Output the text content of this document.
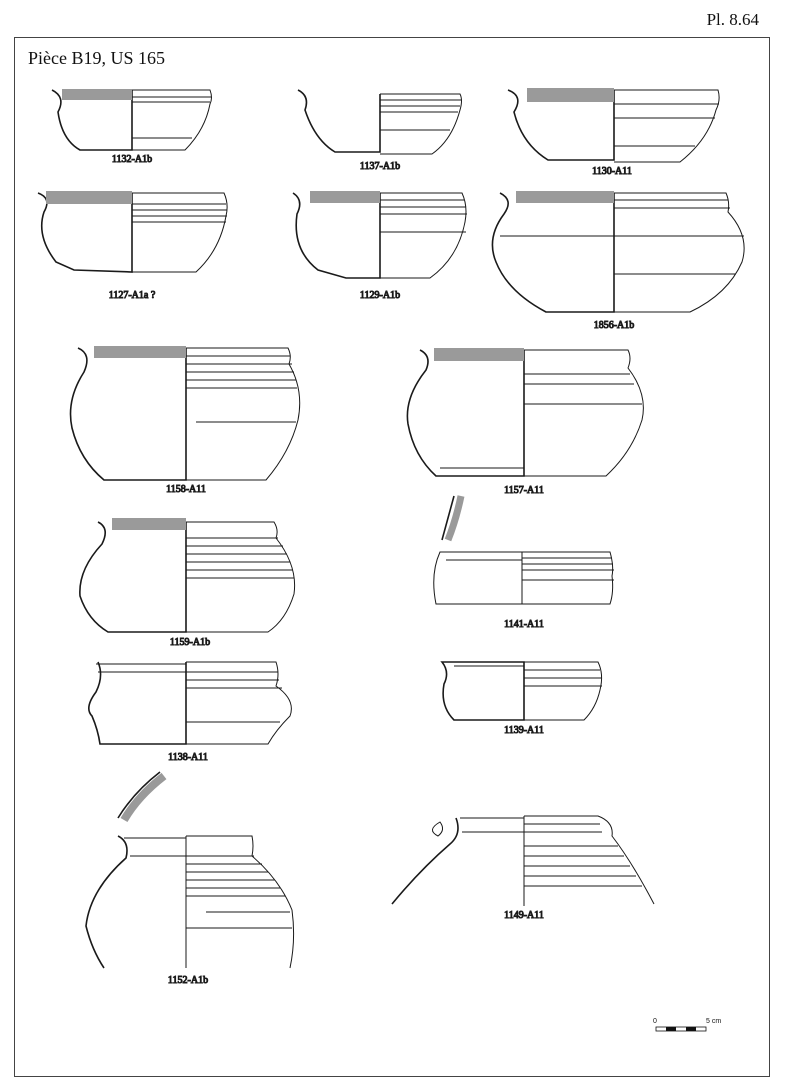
Pl. 8.64
Pièce B19, US 165
1132-A1b
1137-A1b	1130-A11
1127-A1a ?	1129-A1b
1856-A1b
1158-A11	1157-A11
1159-A1b
1141-A11
1138-A11
1139-A11
1152-A1b
1149-A11
0	5 cm
